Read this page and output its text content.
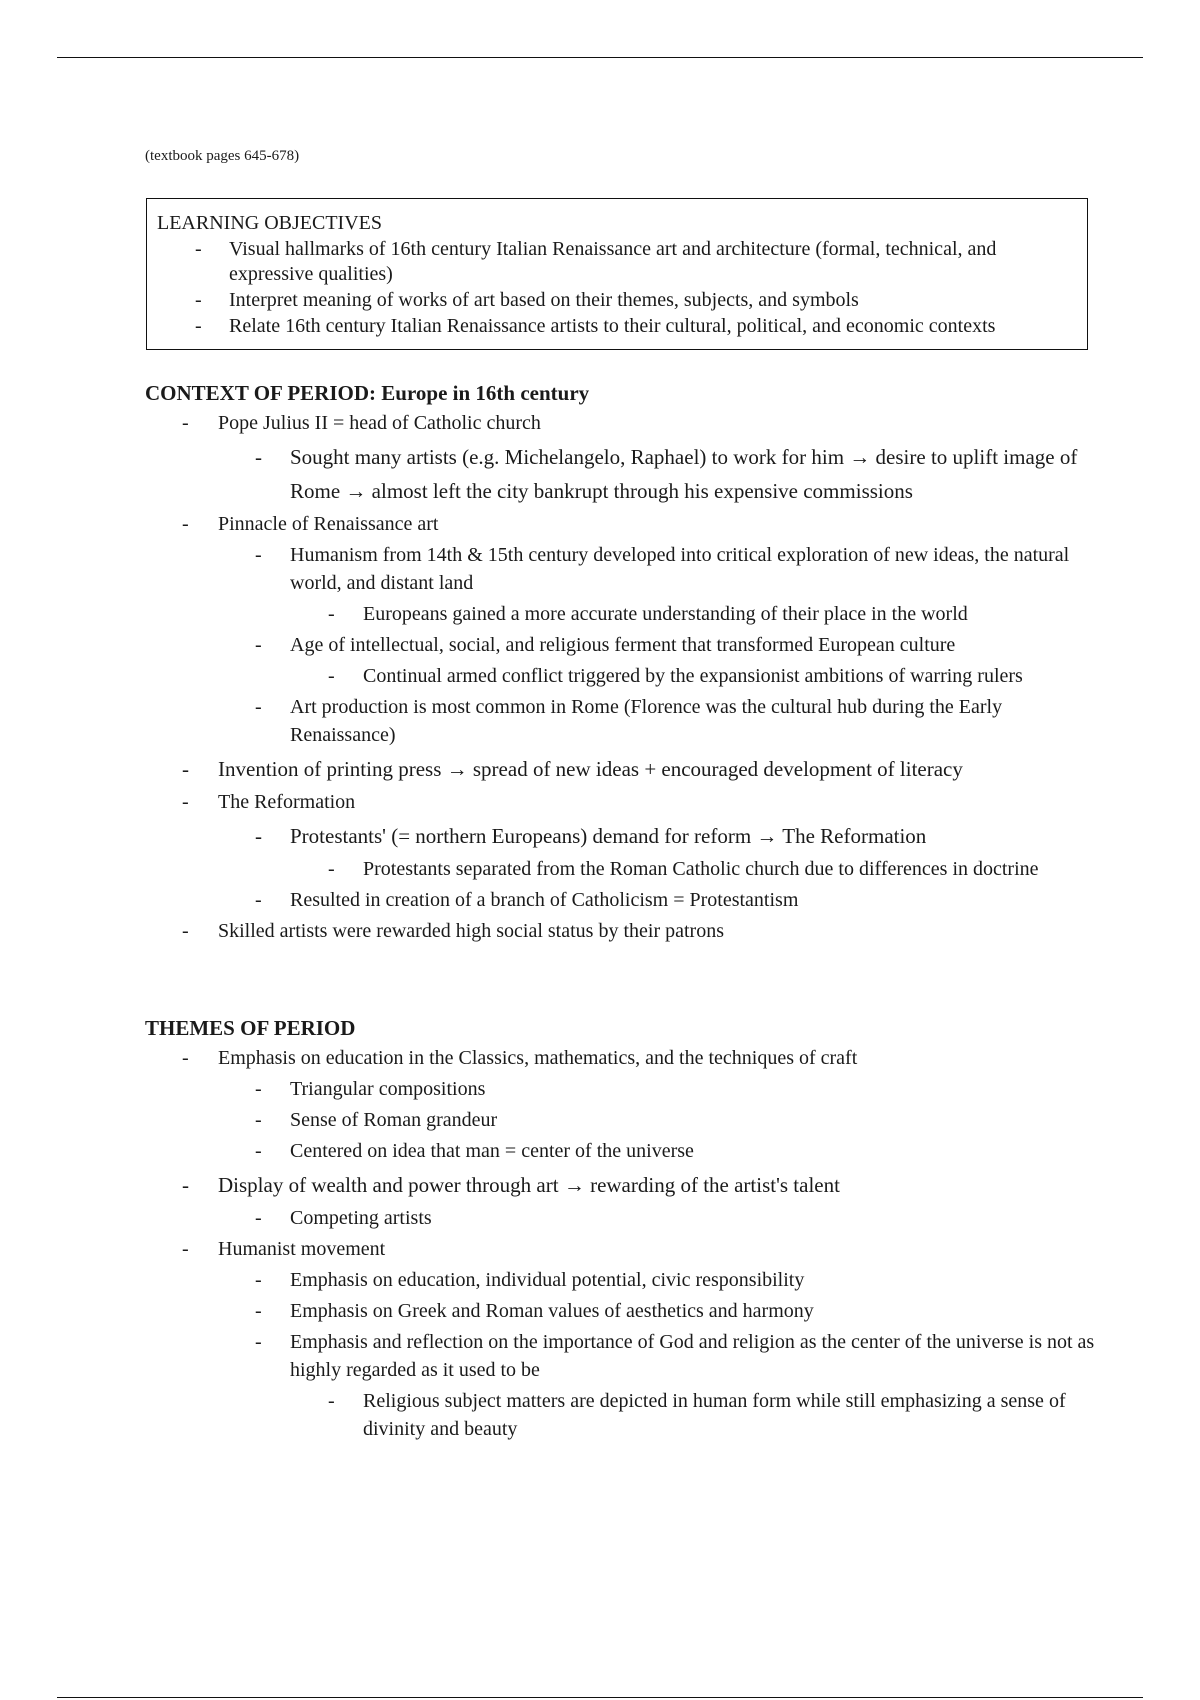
(textbook pages 645-678)
LEARNING OBJECTIVES
- Visual hallmarks of 16th century Italian Renaissance art and architecture (formal, technical, and expressive qualities)
- Interpret meaning of works of art based on their themes, subjects, and symbols
- Relate 16th century Italian Renaissance artists to their cultural, political, and economic contexts
CONTEXT OF PERIOD: Europe in 16th century
- Pope Julius II = head of Catholic church
- Sought many artists (e.g. Michelangelo, Raphael) to work for him → desire to uplift image of Rome → almost left the city bankrupt through his expensive commissions
- Pinnacle of Renaissance art
- Humanism from 14th & 15th century developed into critical exploration of new ideas, the natural world, and distant land
- Europeans gained a more accurate understanding of their place in the world
- Age of intellectual, social, and religious ferment that transformed European culture
- Continual armed conflict triggered by the expansionist ambitions of warring rulers
- Art production is most common in Rome (Florence was the cultural hub during the Early Renaissance)
- Invention of printing press → spread of new ideas + encouraged development of literacy
- The Reformation
- Protestants' (= northern Europeans) demand for reform → The Reformation
- Protestants separated from the Roman Catholic church due to differences in doctrine
- Resulted in creation of a branch of Catholicism = Protestantism
- Skilled artists were rewarded high social status by their patrons
THEMES OF PERIOD
- Emphasis on education in the Classics, mathematics, and the techniques of craft
- Triangular compositions
- Sense of Roman grandeur
- Centered on idea that man = center of the universe
- Display of wealth and power through art → rewarding of the artist's talent
- Competing artists
- Humanist movement
- Emphasis on education, individual potential, civic responsibility
- Emphasis on Greek and Roman values of aesthetics and harmony
- Emphasis and reflection on the importance of God and religion as the center of the universe is not as highly regarded as it used to be
- Religious subject matters are depicted in human form while still emphasizing a sense of divinity and beauty
